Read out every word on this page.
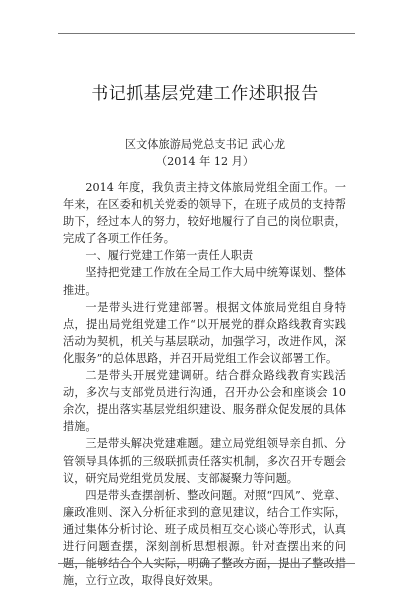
书记抓基层党建工作述职报告
区文体旅游局党总支书记 武心龙
（2014 年 12 月）

2014 年度，我负责主持文体旅局党组全面工作。一年来，在区委和机关党委的领导下，在班子成员的支持帮助下，经过本人的努力，较好地履行了自己的岗位职责，完成了各项工作任务。

一、履行党建工作第一责任人职责

坚持把党建工作放在全局工作大局中统筹谋划、整体推进。

一是带头进行党建部署。根据文体旅局党组自身特点，提出局党组党建工作“以开展党的群众路线教育实践活动为契机，机关与基层联动，加强学习，改进作风，深化服务”的总体思路，并召开局党组工作会议部署工作。

二是带头开展党建调研。结合群众路线教育实践活动，多次与支部党员进行沟通，召开办公会和座谈会 10 余次，提出落实基层党组织建设、服务群众促发展的具体措施。

三是带头解决党建难题。建立局党组领导亲自抓、分管领导具体抓的三级联抓责任落实机制，多次召开专题会议，研究局党组党员发展、支部凝聚力等问题。

四是带头查摆剖析、整改问题。对照“四风”、党章、廉政准则、深入分析征求到的意见建议，结合工作实际，通过集体分析讨论、班子成员相互交心谈心等形式，认真进行问题查摆，深刻剖析思想根源。针对查摆出来的问题，能够结合个人实际，明确了整改方面，提出了整改措施，立行立改，取得良好效果。
